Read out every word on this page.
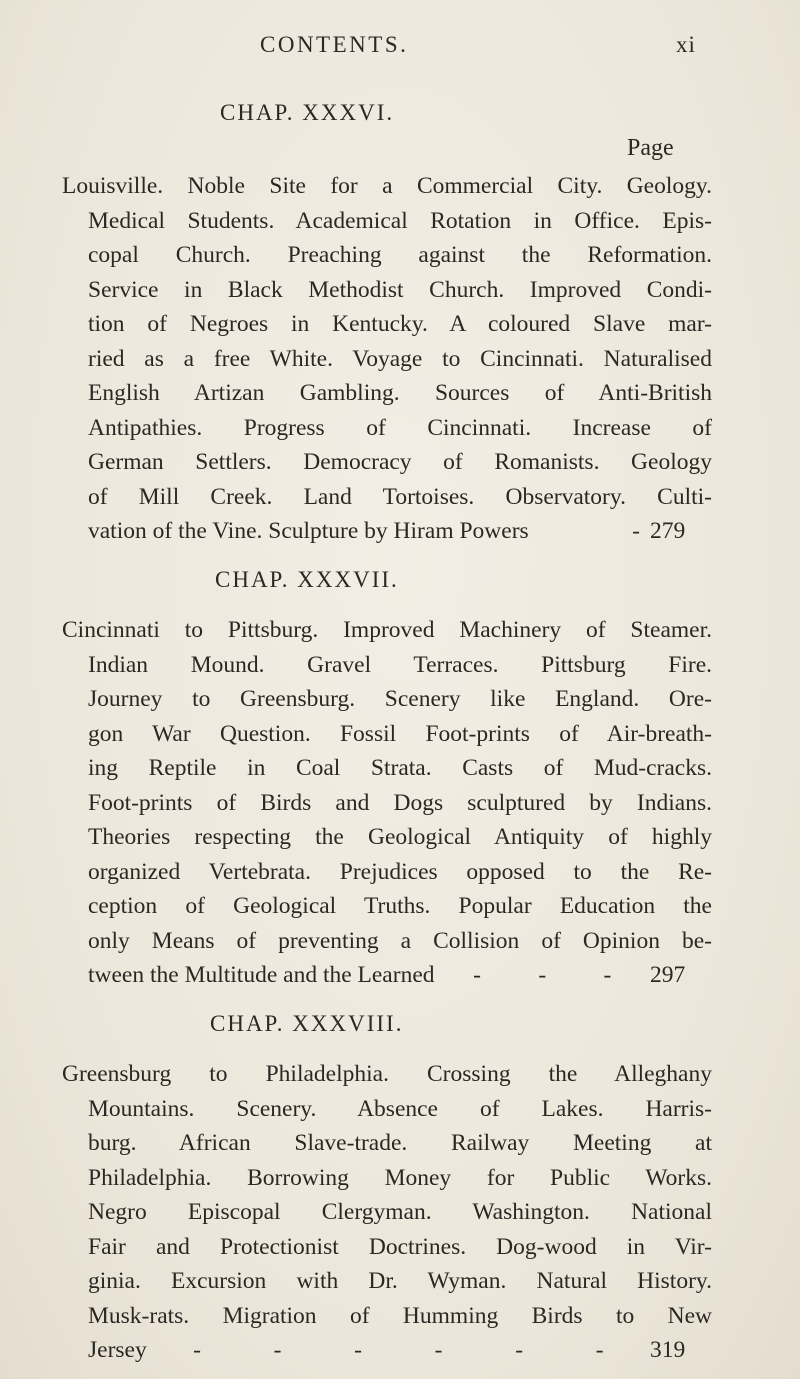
CONTENTS.	xi
CHAP. XXXVI.
Page
Louisville. Noble Site for a Commercial City. Geology.
Medical Students. Academical Rotation in Office. Epis-
copal Church. Preaching against the Reformation.
Service in Black Methodist Church. Improved Condi-
tion of Negroes in Kentucky. A coloured Slave mar-
ried as a free White. Voyage to Cincinnati. Naturalised
English Artizan Gambling. Sources of Anti-British
Antipathies. Progress of Cincinnati. Increase of
German Settlers. Democracy of Romanists. Geology
of Mill Creek. Land Tortoises. Observatory. Culti-
vation of the Vine. Sculpture by Hiram Powers	- 279
CHAP. XXXVII.
Cincinnati to Pittsburg. Improved Machinery of Steamer.
Indian Mound. Gravel Terraces. Pittsburg Fire.
Journey to Greensburg. Scenery like England. Ore-
gon War Question. Fossil Foot-prints of Air-breath-
ing Reptile in Coal Strata. Casts of Mud-cracks.
Foot-prints of Birds and Dogs sculptured by Indians.
Theories respecting the Geological Antiquity of highly
organized Vertebrata. Prejudices opposed to the Re-
ception of Geological Truths. Popular Education the
only Means of preventing a Collision of Opinion be-
tween the Multitude and the Learned - - - 297
CHAP. XXXVIII.
Greensburg to Philadelphia. Crossing the Alleghany
Mountains. Scenery. Absence of Lakes. Harris-
burg. African Slave-trade. Railway Meeting at
Philadelphia. Borrowing Money for Public Works.
Negro Episcopal Clergyman. Washington. National
Fair and Protectionist Doctrines. Dog-wood in Vir-
ginia. Excursion with Dr. Wyman. Natural History.
Musk-rats. Migration of Humming Birds to New
Jersey -	-	-	-	-	- 319
